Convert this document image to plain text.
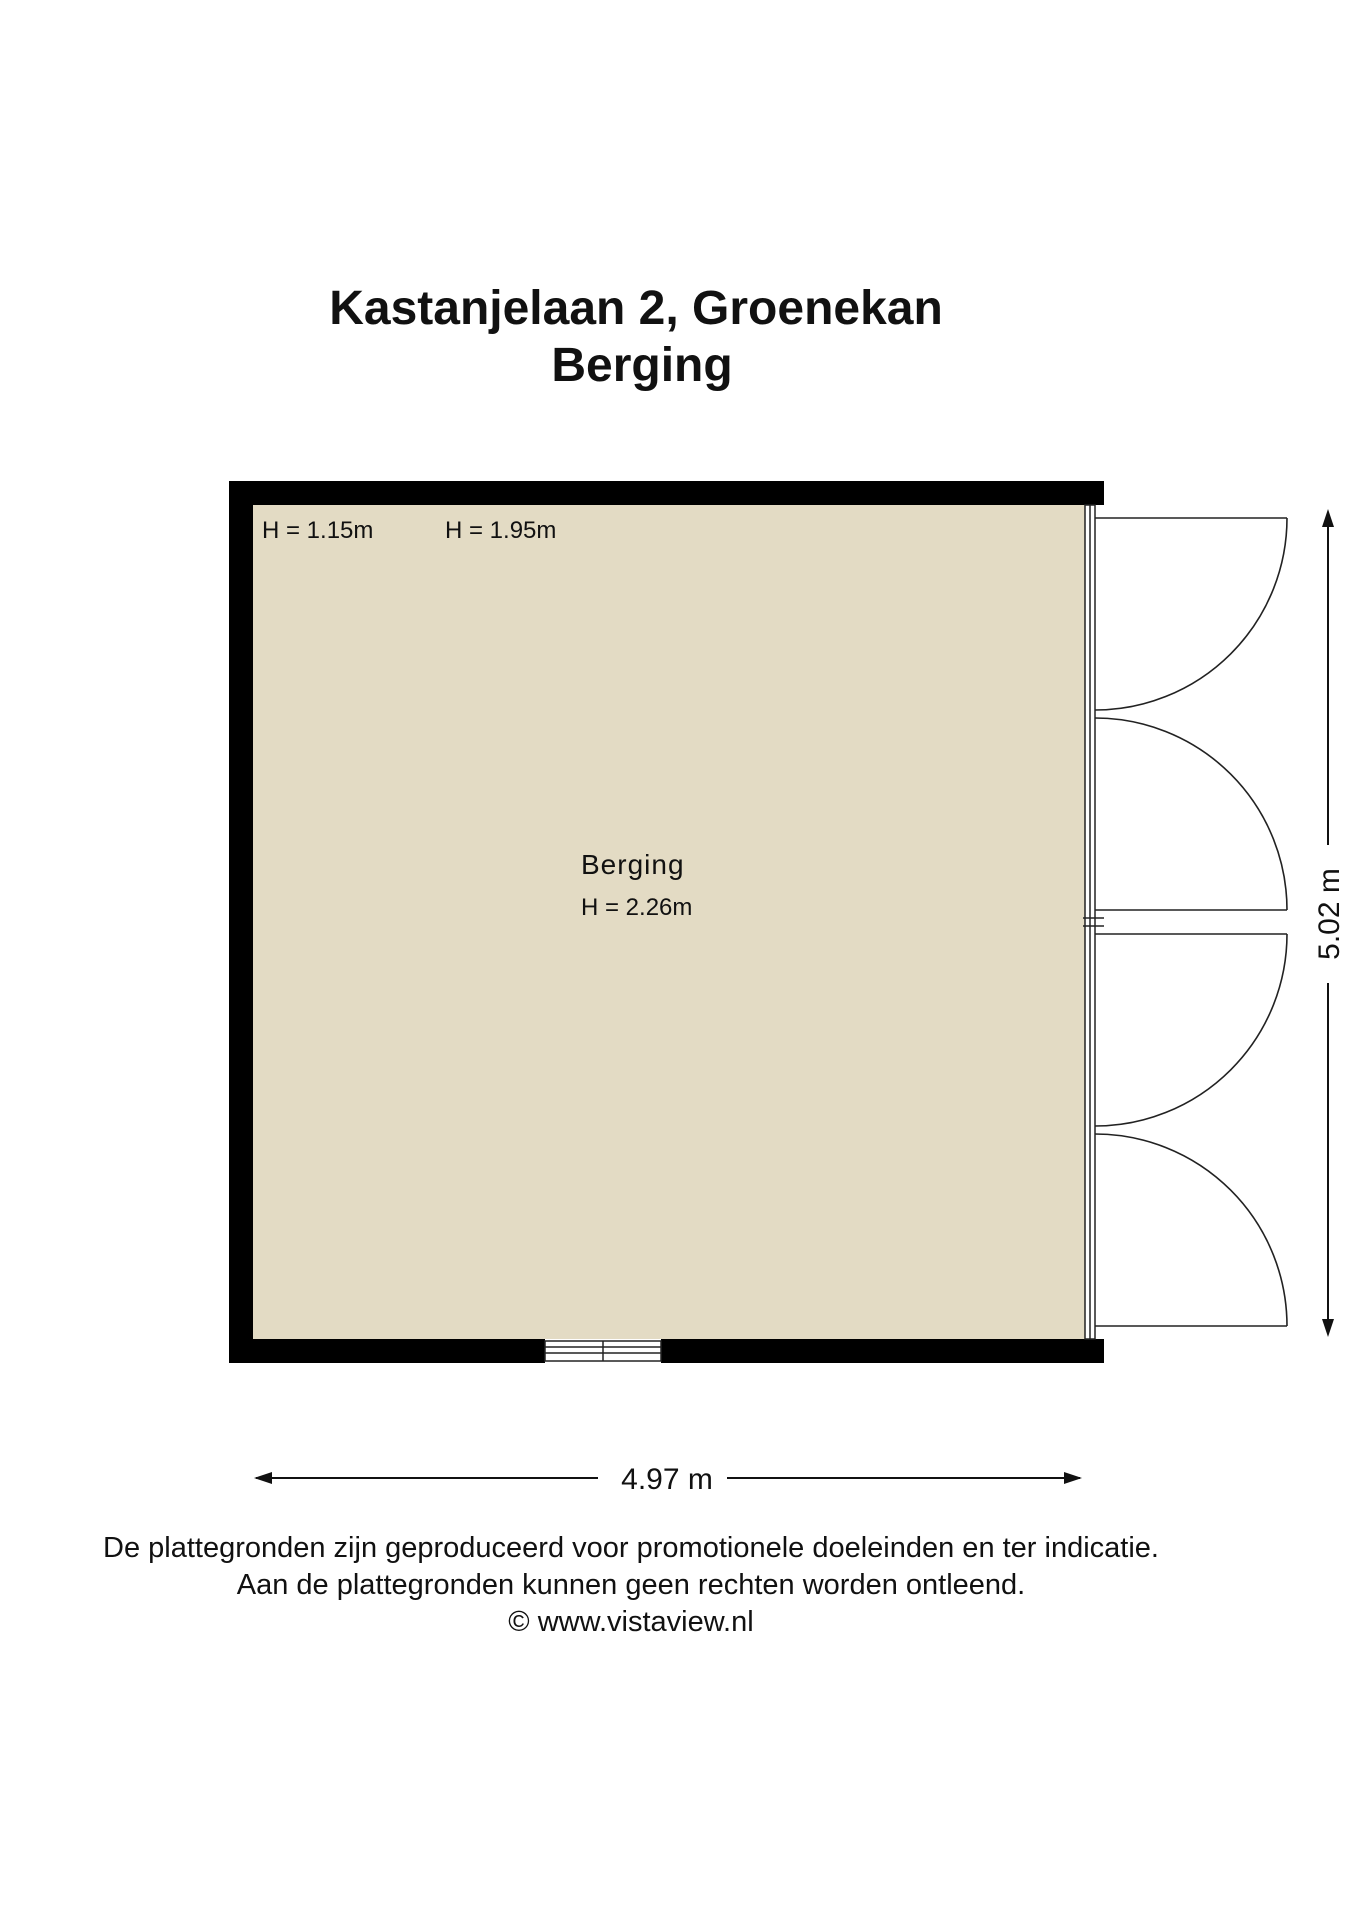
Kastanjelaan 2, Groenekan
Berging
H = 1.15m	H = 1.95m
Berging
H = 2.26m
4.97 m
5.02 m
De plattegronden zijn geproduceerd voor promotionele doeleinden en ter indicatie.
Aan de plattegronden kunnen geen rechten worden ontleend.
© www.vistaview.nl
